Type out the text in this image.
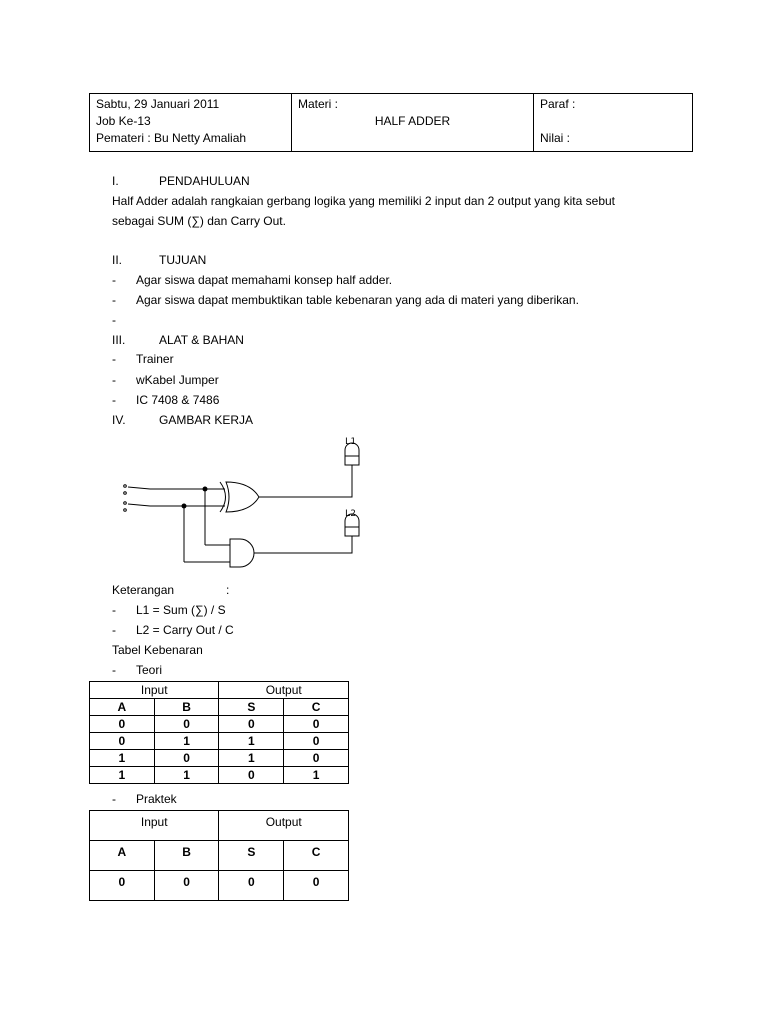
Sabtu, 29 Januari 2011
Job Ke-13
Pemateri : Bu Netty Amaliah

Materi :
HALF ADDER

Paraf :

Nilai :
I.	PENDAHULUAN
Half Adder adalah rangkaian gerbang logika yang memiliki 2 input dan 2 output yang kita sebut
sebagai SUM (∑) dan Carry Out.
II.	TUJUAN
- Agar siswa dapat memahami konsep half adder.
- Agar siswa dapat membuktikan table kebenaran yang ada di materi yang diberikan.
-
III.	ALAT & BAHAN
- Trainer
- wKabel Jumper
- IC 7408 & 7486
IV.	GAMBAR KERJA
L1
L2
Keterangan	:
- L1 = Sum (∑) / S
- L2 = Carry Out / C
Tabel Kebenaran
- Teori
Input		Output	
A	B	S	C
0	0	0	0
0	1	1	0
1	0	1	0
1	1	0	1
- Praktek
Input		Output	
A	B	S	C
0	0	0	0
